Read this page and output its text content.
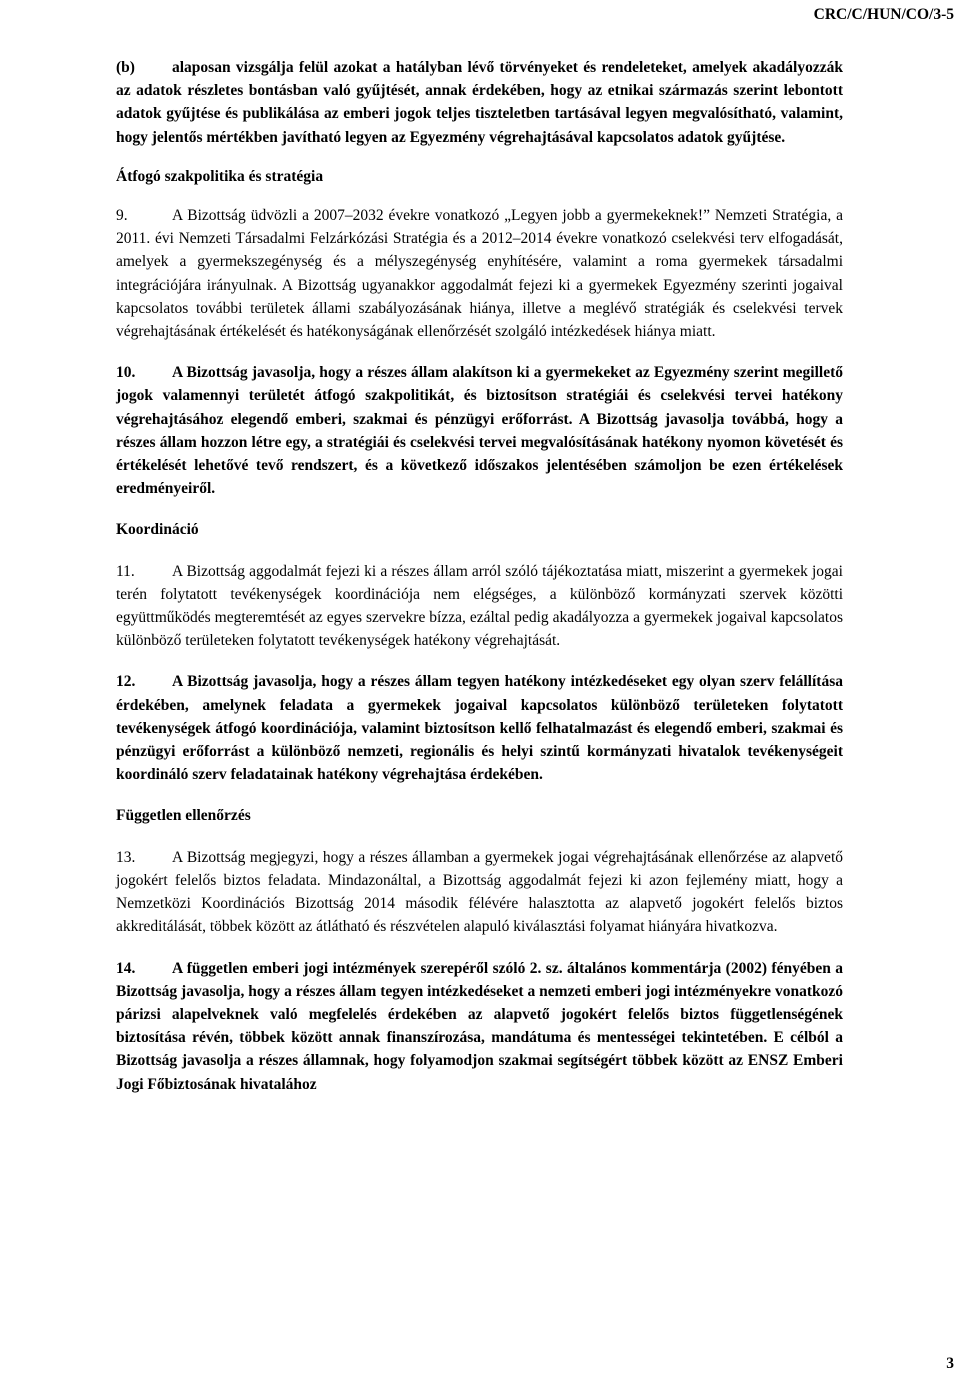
CRC/C/HUN/CO/3-5

(b) alaposan vizsgálja felül azokat a hatályban lévő törvényeket és rendeleteket, amelyek akadályozzák az adatok részletes bontásban való gyűjtését, annak érdekében, hogy az etnikai származás szerint lebontott adatok gyűjtése és publikálása az emberi jogok teljes tiszteletben tartásával legyen megvalósítható, valamint, hogy jelentős mértékben javítható legyen az Egyezmény végrehajtásával kapcsolatos adatok gyűjtése.

Átfogó szakpolitika és stratégia

9.	A Bizottság üdvözli a 2007–2032 évekre vonatkozó „Legyen jobb a gyermekeknek!” Nemzeti Stratégia, a 2011. évi Nemzeti Társadalmi Felzárkózási Stratégia és a 2012–2014 évekre vonatkozó cselekvési terv elfogadását, amelyek a gyermekszegénység és a mélyszegénység enyhítésére, valamint a roma gyermekek társadalmi integrációjára irányulnak. A Bizottság ugyanakkor aggodalmát fejezi ki a gyermekek Egyezmény szerinti jogaival kapcsolatos további területek állami szabályozásának hiánya, illetve a meglévő stratégiák és cselekvési tervek végrehajtásának értékelését és hatékonyságának ellenőrzését szolgáló intézkedések hiánya miatt.

10. A Bizottság javasolja, hogy a részes állam alakítson ki a gyermekeket az Egyezmény szerint megillető jogok valamennyi területét átfogó szakpolitikát, és biztosítson stratégiái és cselekvési tervei hatékony végrehajtásához elegendő emberi, szakmai és pénzügyi erőforrást. A Bizottság javasolja továbbá, hogy a részes állam hozzon létre egy, a stratégiái és cselekvési tervei megvalósításának hatékony nyomon követését és értékelését lehetővé tevő rendszert, és a következő időszakos jelentésében számoljon be ezen értékelések eredményeiről.

Koordináció

11. A Bizottság aggodalmát fejezi ki a részes állam arról szóló tájékoztatása miatt, miszerint a gyermekek jogai terén folytatott tevékenységek koordinációja nem elégséges, a különböző kormányzati szervek közötti együttműködés megteremtését az egyes szervekre bízza, ezáltal pedig akadályozza a gyermekek jogaival kapcsolatos különböző területeken folytatott tevékenységek hatékony végrehajtását.

12. A Bizottság javasolja, hogy a részes állam tegyen hatékony intézkedéseket egy olyan szerv felállítása érdekében, amelynek feladata a gyermekek jogaival kapcsolatos különböző területeken folytatott tevékenységek átfogó koordinációja, valamint biztosítson kellő felhatalmazást és elegendő emberi, szakmai és pénzügyi erőforrást a különböző nemzeti, regionális és helyi szintű kormányzati hivatalok tevékenységeit koordináló szerv feladatainak hatékony végrehajtása érdekében.

Független ellenőrzés

13. A Bizottság megjegyzi, hogy a részes államban a gyermekek jogai végrehajtásának ellenőrzése az alapvető jogokért felelős biztos feladata. Mindazonáltal, a Bizottság aggodalmát fejezi ki azon fejlemény miatt, hogy a Nemzetközi Koordinációs Bizottság 2014 második félévére halasztotta az alapvető jogokért felelős biztos akkreditálását, többek között az átlátható és részvételen alapuló kiválasztási folyamat hiányára hivatkozva.

14. A független emberi jogi intézmények szerepéről szóló 2. sz. általános kommentárja (2002) fényében a Bizottság javasolja, hogy a részes állam tegyen intézkedéseket a nemzeti emberi jogi intézményekre vonatkozó párizsi alapelveknek való megfelelés érdekében az alapvető jogokért felelős biztos függetlenségének biztosítása révén, többek között annak finanszírozása, mandátuma és mentességei tekintetében. E célból a Bizottság javasolja a részes államnak, hogy folyamodjon szakmai segítségért többek között az ENSZ Emberi Jogi Főbiztosának hivatalához

3
